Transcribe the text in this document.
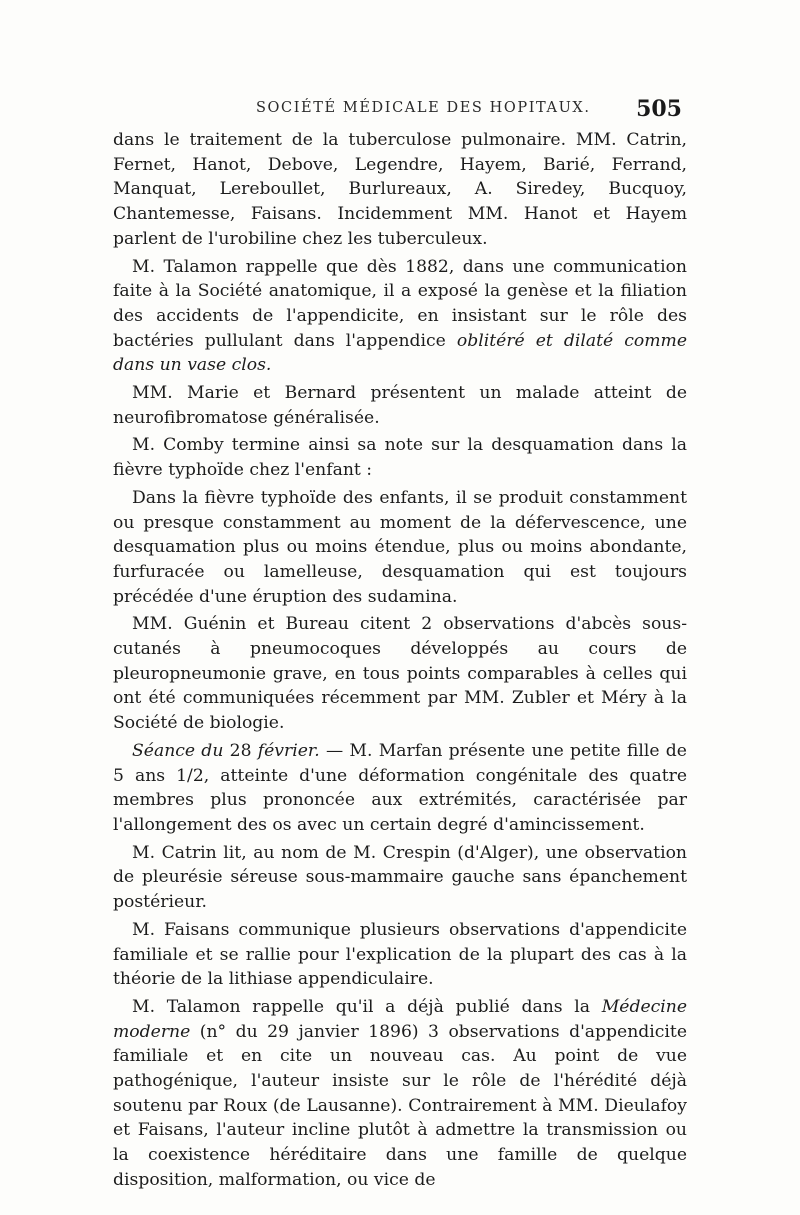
SOCIÉTÉ MÉDICALE DES HOPITAUX. 505

dans le traitement de la tuberculose pulmonaire. MM. Catrin, Fernet, Hanot, Debove, Legendre, Hayem, Barié, Ferrand, Manquat, Lereboullet, Burlureaux, A. Siredey, Bucquoy, Chantemesse, Faisans. Incidemment MM. Hanot et Hayem parlent de l'urobiline chez les tuberculeux.

M. Talamon rappelle que dès 1882, dans une communication faite à la Société anatomique, il a exposé la genèse et la filiation des accidents de l'appendicite, en insistant sur le rôle des bactéries pullulant dans l'appendice oblitéré et dilaté comme dans un vase clos.

MM. Marie et Bernard présentent un malade atteint de neurofibromatose généralisée.

M. Comby termine ainsi sa note sur la desquamation dans la fièvre typhoïde chez l'enfant :

Dans la fièvre typhoïde des enfants, il se produit constamment ou presque constamment au moment de la défervescence, une desquamation plus ou moins étendue, plus ou moins abondante, furfuracée ou lamelleuse, desquamation qui est toujours précédée d'une éruption des sudamina.

MM. Guénin et Bureau citent 2 observations d'abcès sous-cutanés à pneumocoques développés au cours de pleuropneumonie grave, en tous points comparables à celles qui ont été communiquées récemment par MM. Zubler et Méry à la Société de biologie.

Séance du 28 février. — M. Marfan présente une petite fille de 5 ans 1/2, atteinte d'une déformation congénitale des quatre membres plus prononcée aux extrémités, caractérisée par l'allongement des os avec un certain degré d'amincissement.

M. Catrin lit, au nom de M. Crespin (d'Alger), une observation de pleurésie séreuse sous-mammaire gauche sans épanchement postérieur.

M. Faisans communique plusieurs observations d'appendicite familiale et se rallie pour l'explication de la plupart des cas à la théorie de la lithiase appendiculaire.

M. Talamon rappelle qu'il a déjà publié dans la Médecine moderne (n° du 29 janvier 1896) 3 observations d'appendicite familiale et en cite un nouveau cas. Au point de vue pathogénique, l'auteur insiste sur le rôle de l'hérédité déjà soutenu par Roux (de Lausanne). Contrairement à MM. Dieulafoy et Faisans, l'auteur incline plutôt à admettre la transmission ou la coexistence héréditaire dans une famille de quelque disposition, malformation, ou vice de
